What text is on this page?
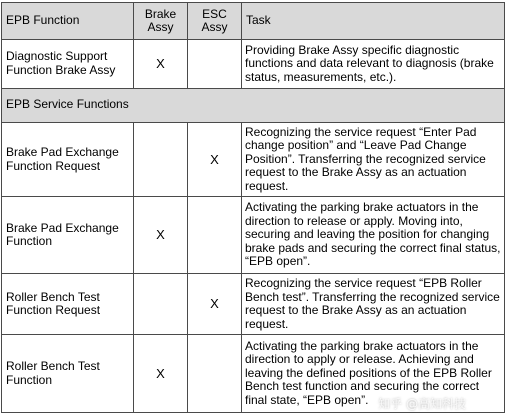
EPB Function	Brake Assy	ESC Assy	Task
Diagnostic Support Function Brake Assy	X		Providing Brake Assy specific diagnostic functions and data relevant to diagnosis (brake status, measurements, etc.).
EPB Service Functions			
Brake Pad Exchange Function Request		X	Recognizing the service request “Enter Pad change position” and “Leave Pad Change Position”. Transferring the recognized service request to the Brake Assy as an actuation request.
Brake Pad Exchange Function	X		Activating the parking brake actuators in the direction to release or apply. Moving into, securing and leaving the position for changing brake pads and securing the correct final status, “EPB open”.
Roller Bench Test Function Request		X	Recognizing the service request “EPB Roller Bench test”. Transferring the recognized service request to the Brake Assy as an actuation request.
Roller Bench Test Function	X		Activating the parking brake actuators in the direction to apply or release. Achieving and leaving the defined positions of the EPB Roller Bench test function and securing the correct final state, “EPB open”. 知乎 @高知科技
